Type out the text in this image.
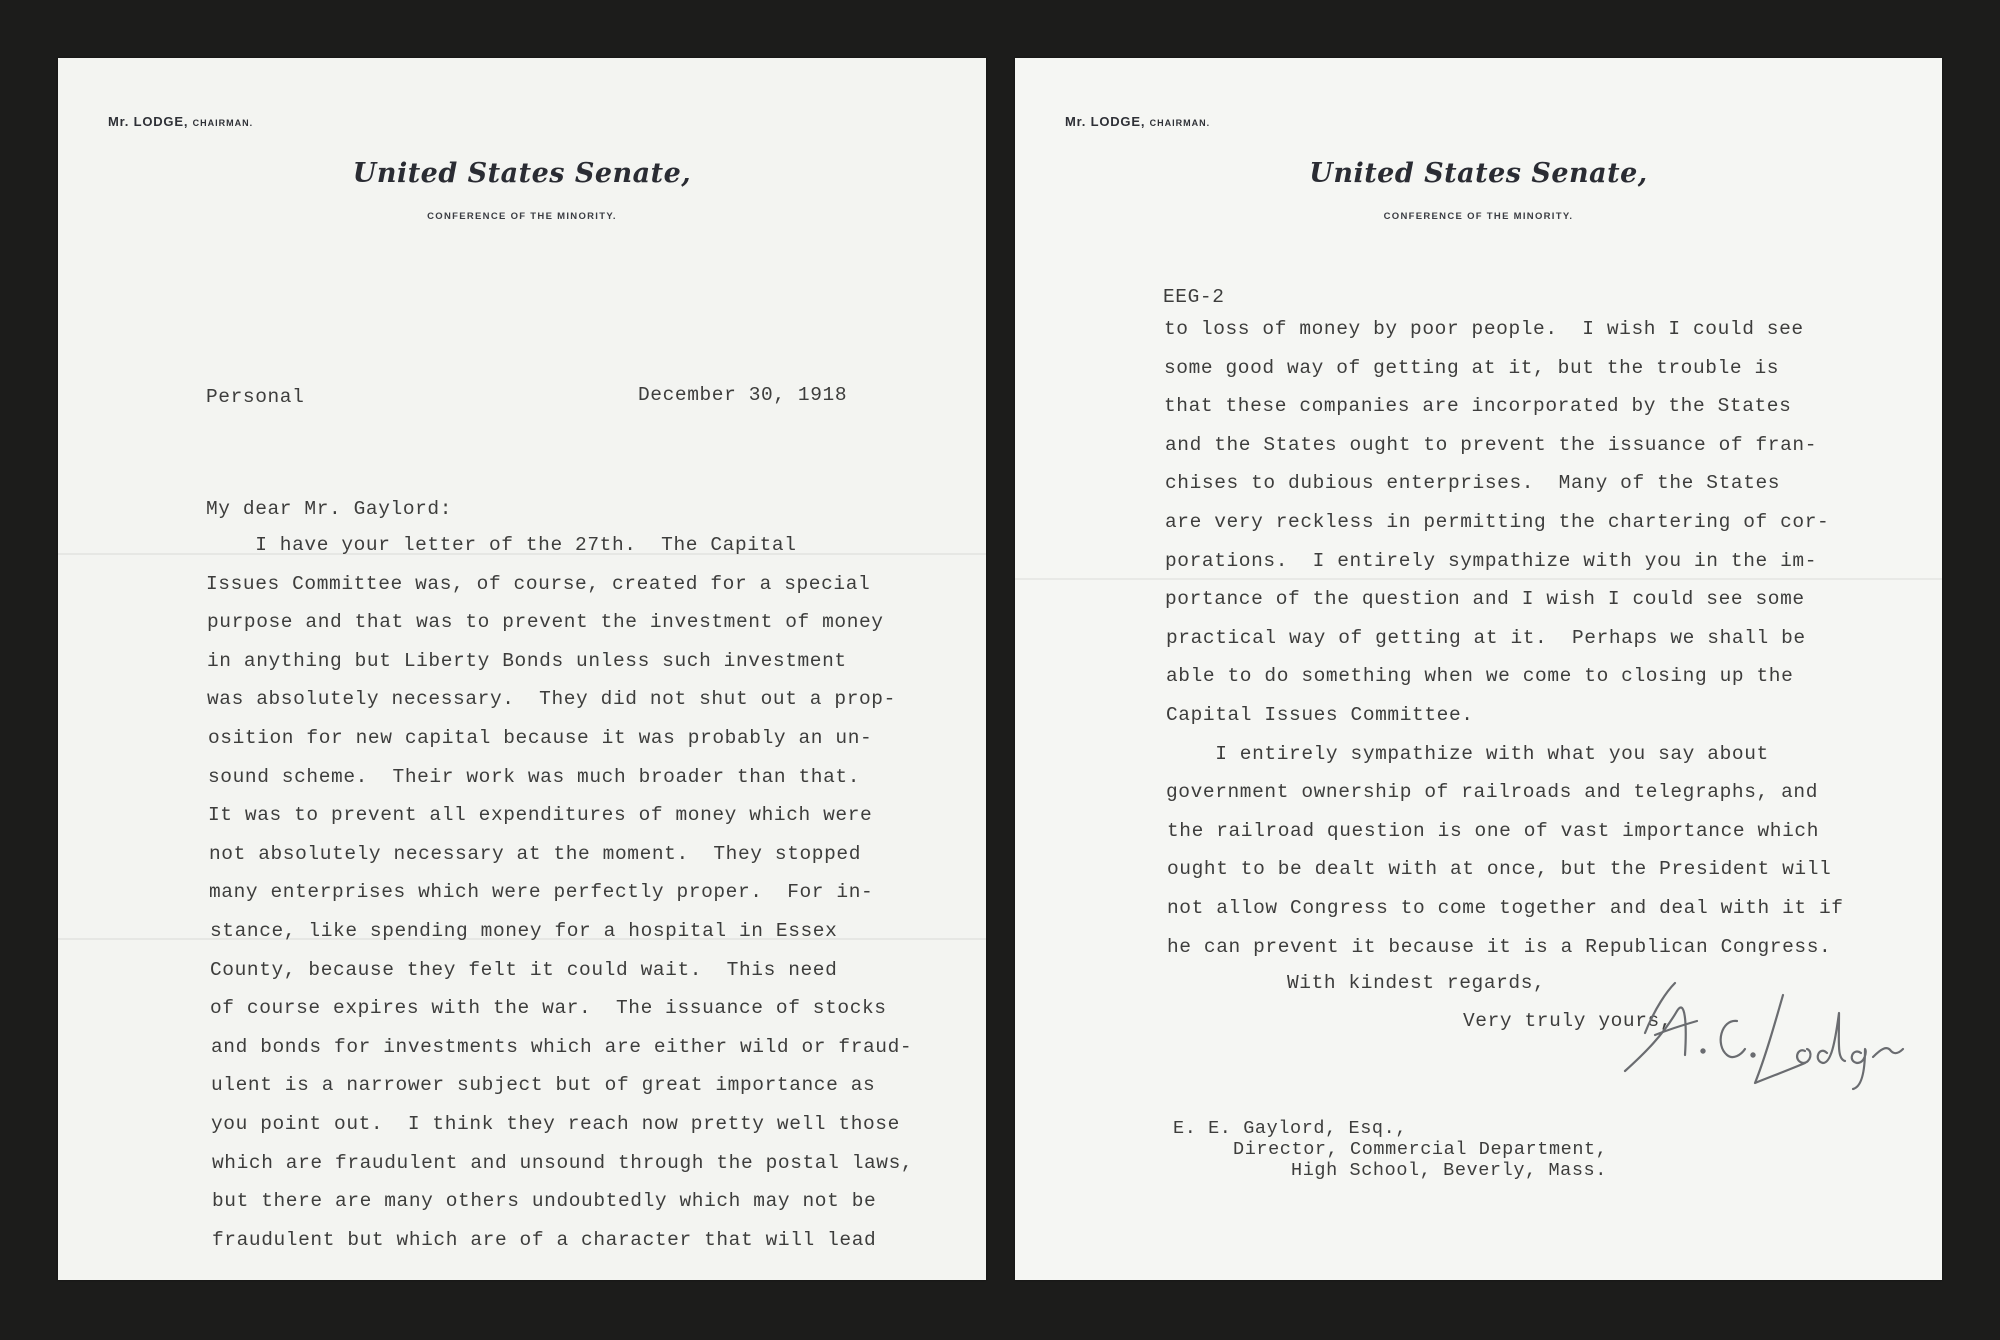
Mr. LODGE, CHAIRMAN.
United States Senate,
CONFERENCE OF THE MINORITY.
Personal	December 30, 1918
My dear Mr. Gaylord:
I have your letter of the 27th.  The Capital
Issues Committee was, of course, created for a special
purpose and that was to prevent the investment of money
in anything but Liberty Bonds unless such investment
was absolutely necessary.  They did not shut out a prop-
osition for new capital because it was probably an un-
sound scheme.  Their work was much broader than that.
It was to prevent all expenditures of money which were
not absolutely necessary at the moment.  They stopped
many enterprises which were perfectly proper.  For in-
stance, like spending money for a hospital in Essex
County, because they felt it could wait.  This need
of course expires with the war.  The issuance of stocks
and bonds for investments which are either wild or fraud-
ulent is a narrower subject but of great importance as
you point out.  I think they reach now pretty well those
which are fraudulent and unsound through the postal laws,
but there are many others undoubtedly which may not be
fraudulent but which are of a character that will lead
Mr. LODGE, CHAIRMAN.
United States Senate,
CONFERENCE OF THE MINORITY.
EEG-2
to loss of money by poor people.  I wish I could see
some good way of getting at it, but the trouble is
that these companies are incorporated by the States
and the States ought to prevent the issuance of fran-
chises to dubious enterprises.  Many of the States
are very reckless in permitting the chartering of cor-
porations.  I entirely sympathize with you in the im-
portance of the question and I wish I could see some
practical way of getting at it.  Perhaps we shall be
able to do something when we come to closing up the
Capital Issues Committee.
I entirely sympathize with what you say about
government ownership of railroads and telegraphs, and
the railroad question is one of vast importance which
ought to be dealt with at once, but the President will
not allow Congress to come together and deal with it if
he can prevent it because it is a Republican Congress.
With kindest regards,
Very truly yours,
E. E. Gaylord, Esq.,
Director, Commercial Department,
High School, Beverly, Mass.
